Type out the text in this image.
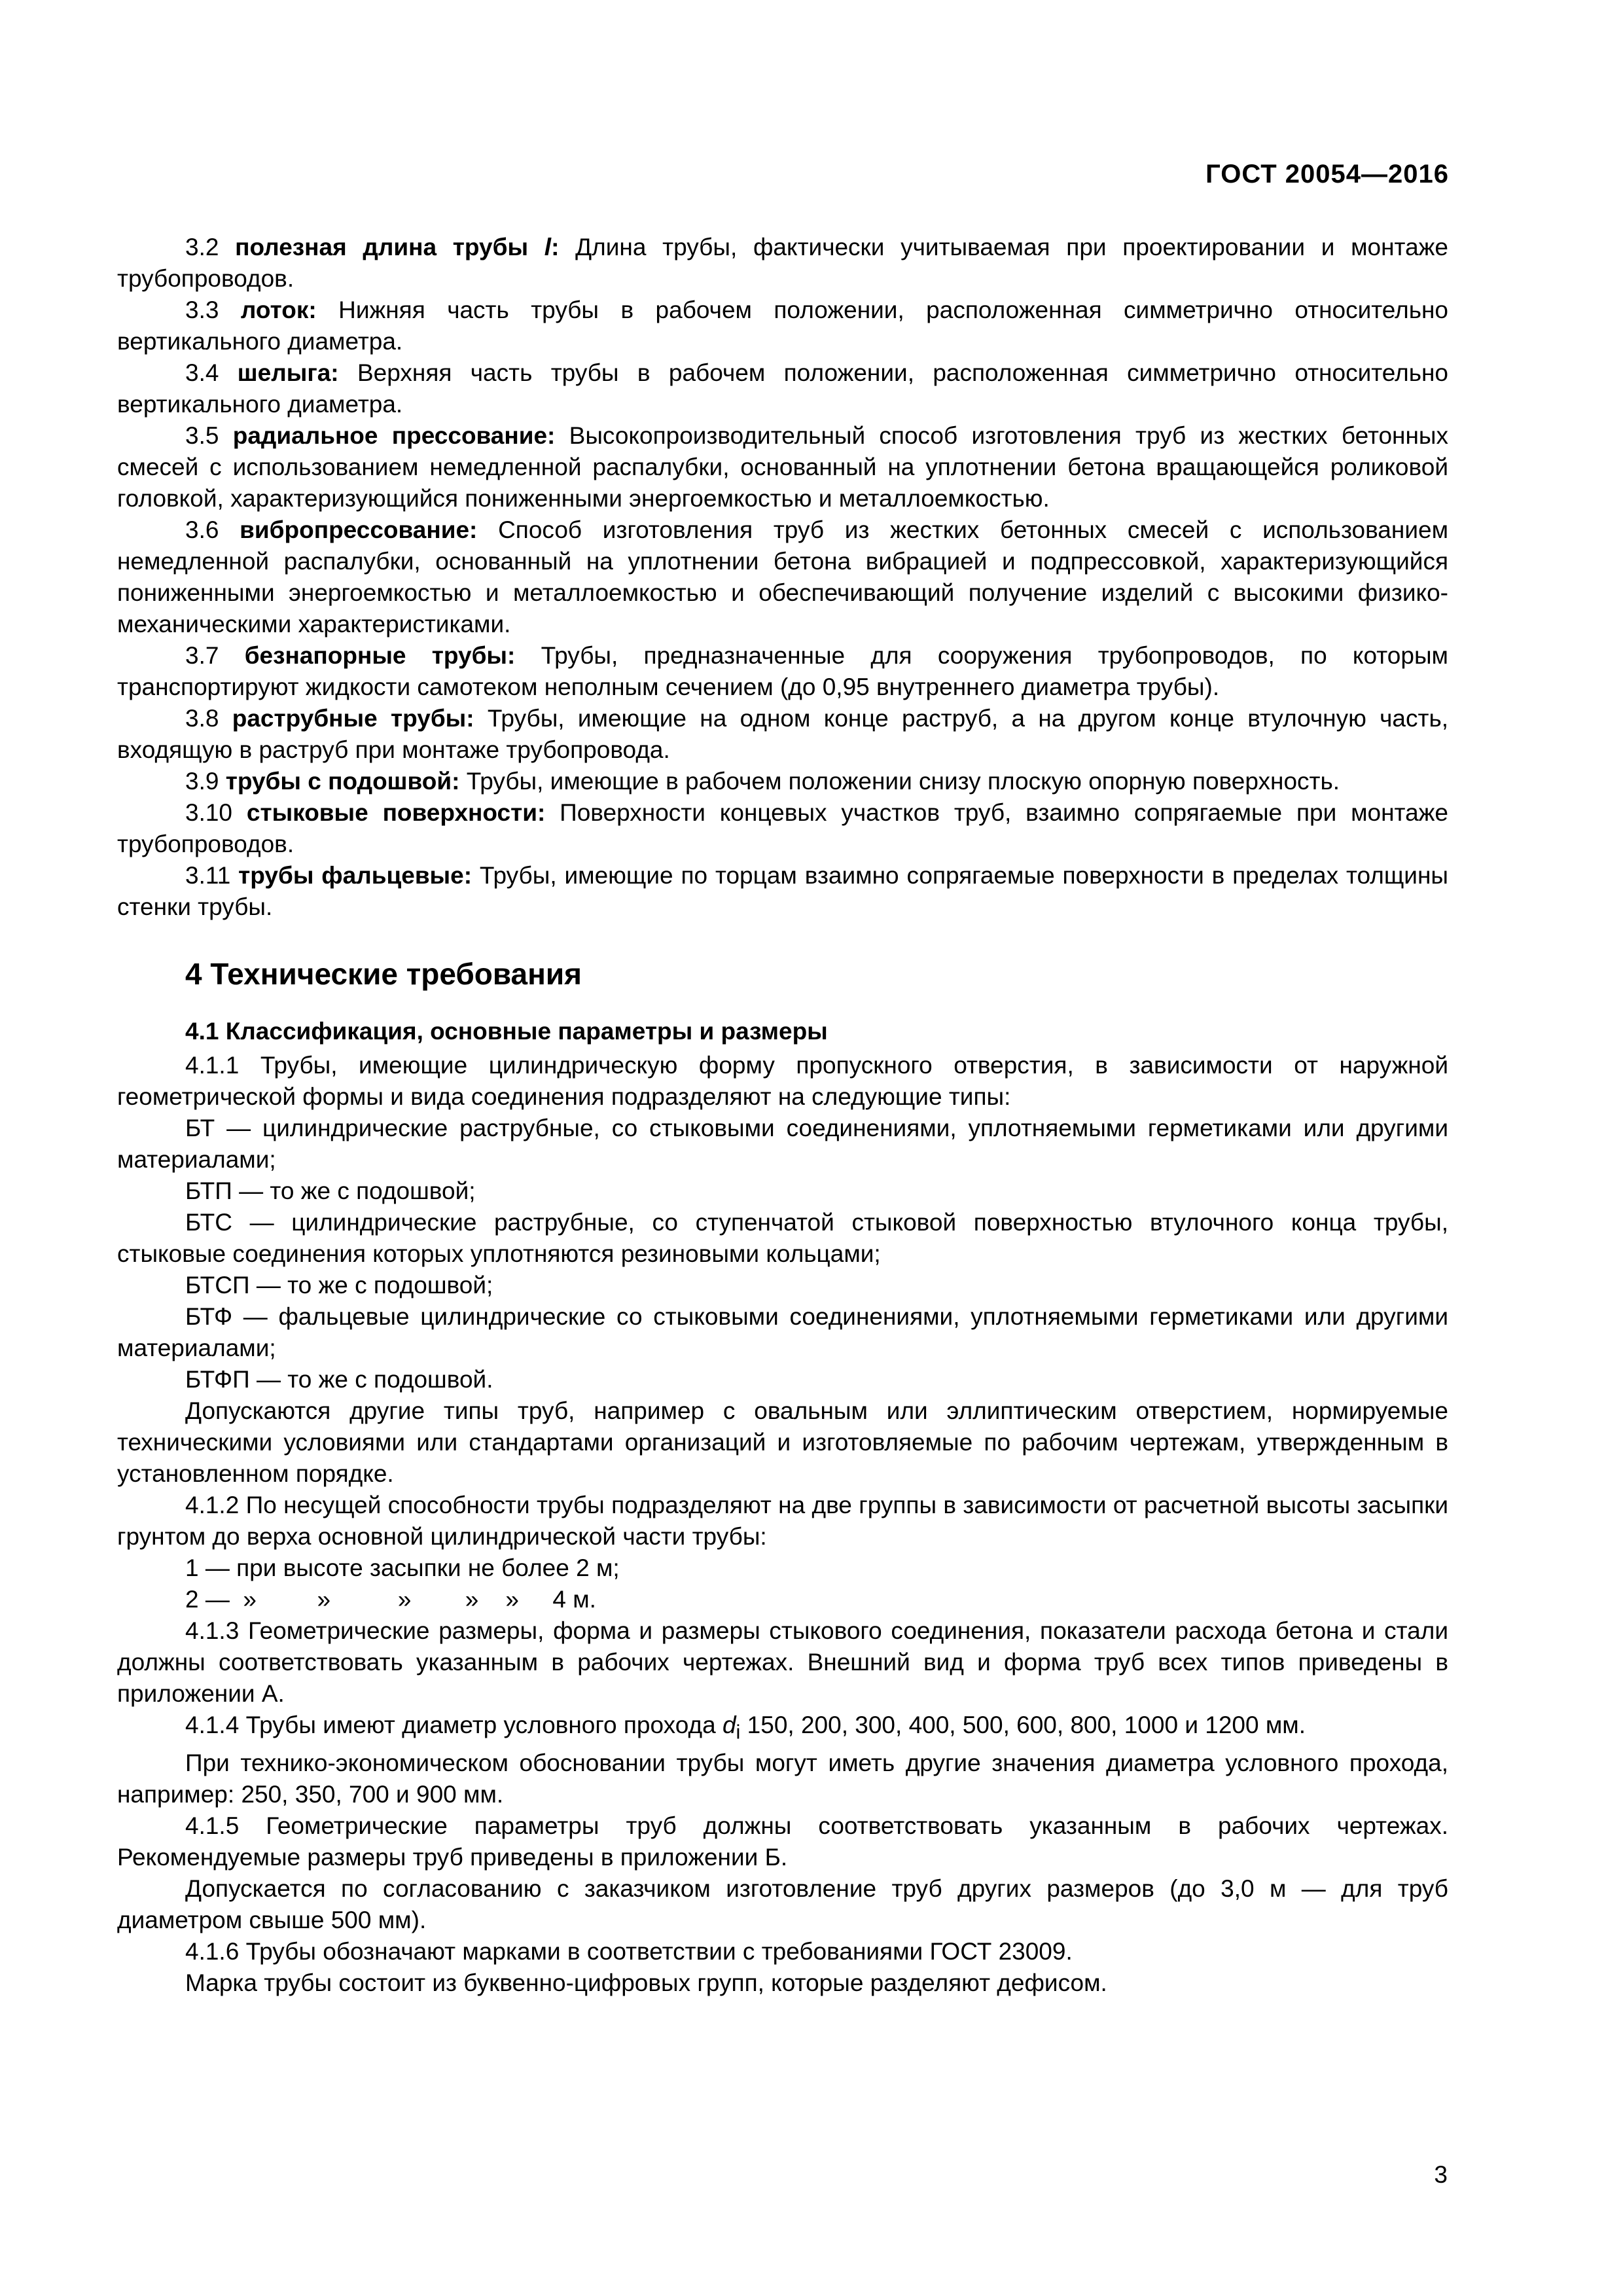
ГОСТ 20054—2016

3.2 полезная длина трубы l: Длина трубы, фактически учитываемая при проектировании и монтаже трубопроводов.

3.3 лоток: Нижняя часть трубы в рабочем положении, расположенная симметрично относительно вертикального диаметра.

3.4 шелыга: Верхняя часть трубы в рабочем положении, расположенная симметрично относительно вертикального диаметра.

3.5 радиальное прессование: Высокопроизводительный способ изготовления труб из жестких бетонных смесей с использованием немедленной распалубки, основанный на уплотнении бетона вращающейся роликовой головкой, характеризующийся пониженными энергоемкостью и металлоемкостью.

3.6 вибропрессование: Способ изготовления труб из жестких бетонных смесей с использованием немедленной распалубки, основанный на уплотнении бетона вибрацией и подпрессовкой, характеризующийся пониженными энергоемкостью и металлоемкостью и обеспечивающий получение изделий с высокими физико-механическими характеристиками.

3.7 безнапорные трубы: Трубы, предназначенные для сооружения трубопроводов, по которым транспортируют жидкости самотеком неполным сечением (до 0,95 внутреннего диаметра трубы).

3.8 раструбные трубы: Трубы, имеющие на одном конце раструб, а на другом конце втулочную часть, входящую в раструб при монтаже трубопровода.

3.9 трубы с подошвой: Трубы, имеющие в рабочем положении снизу плоскую опорную поверхность.

3.10 стыковые поверхности: Поверхности концевых участков труб, взаимно сопрягаемые при монтаже трубопроводов.

3.11 трубы фальцевые: Трубы, имеющие по торцам взаимно сопрягаемые поверхности в пределах толщины стенки трубы.

4 Технические требования
4.1 Классификация, основные параметры и размеры

4.1.1 Трубы, имеющие цилиндрическую форму пропускного отверстия, в зависимости от наружной геометрической формы и вида соединения подразделяют на следующие типы:

БТ — цилиндрические раструбные, со стыковыми соединениями, уплотняемыми герметиками или другими материалами;

БТП — то же с подошвой;

БТС — цилиндрические раструбные, со ступенчатой стыковой поверхностью втулочного конца трубы, стыковые соединения которых уплотняются резиновыми кольцами;

БТСП — то же с подошвой;

БТФ — фальцевые цилиндрические со стыковыми соединениями, уплотняемыми герметиками или другими материалами;

БТФП — то же с подошвой.

Допускаются другие типы труб, например с овальным или эллиптическим отверстием, нормируемые техническими условиями или стандартами организаций и изготовляемые по рабочим чертежам, утвержденным в установленном порядке.

4.1.2 По несущей способности трубы подразделяют на две группы в зависимости от расчетной высоты засыпки грунтом до верха основной цилиндрической части трубы:

1 — при высоте засыпки не более 2 м;

2 —  »         »          »        »    »     4 м.

4.1.3 Геометрические размеры, форма и размеры стыкового соединения, показатели расхода бетона и стали должны соответствовать указанным в рабочих чертежах. Внешний вид и форма труб всех типов приведены в приложении А.

4.1.4 Трубы имеют диаметр условного прохода $d_i$ 150, 200, 300, 400, 500, 600, 800, 1000 и 1200 мм.

При технико-экономическом обосновании трубы могут иметь другие значения диаметра условного прохода, например: 250, 350, 700 и 900 мм.

4.1.5 Геометрические параметры труб должны соответствовать указанным в рабочих чертежах. Рекомендуемые размеры труб приведены в приложении Б.

Допускается по согласованию с заказчиком изготовление труб других размеров (до 3,0 м — для труб диаметром свыше 500 мм).

4.1.6 Трубы обозначают марками в соответствии с требованиями ГОСТ 23009.

Марка трубы состоит из буквенно-цифровых групп, которые разделяют дефисом.

3
